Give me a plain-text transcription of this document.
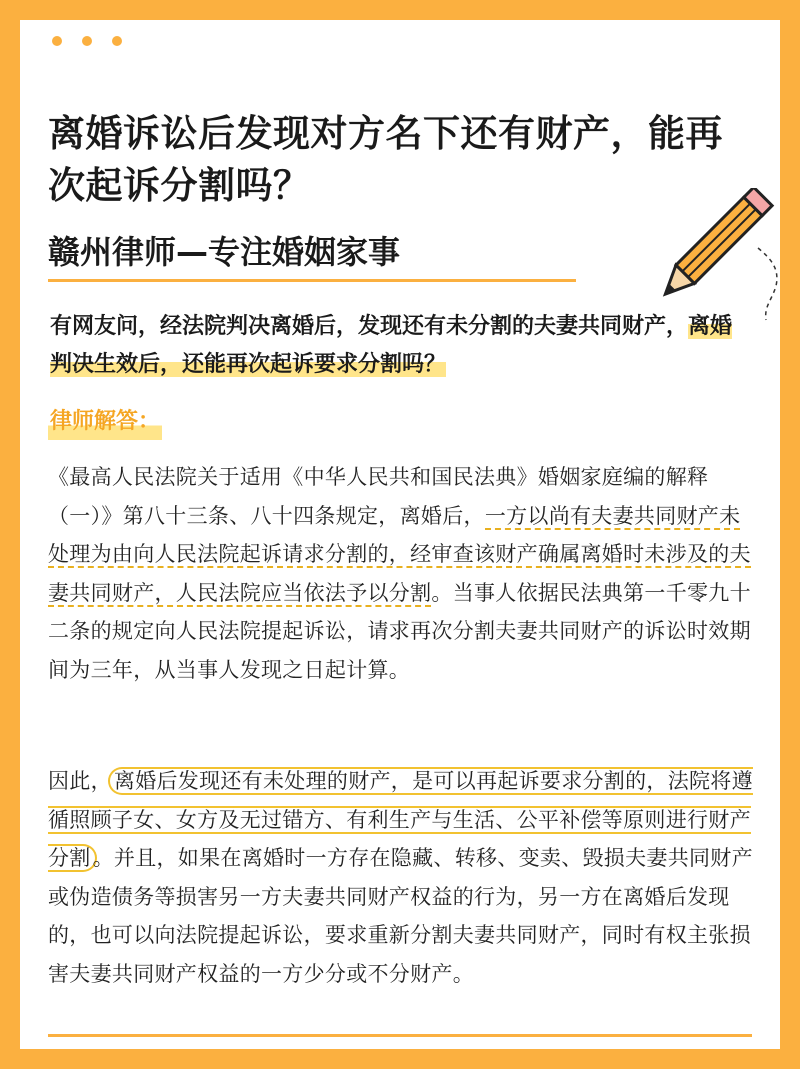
离婚诉讼后发现对方名下还有财产，能再次起诉分割吗？
赣州律师—专注婚姻家事

有网友问，经法院判决离婚后，发现还有未分割的夫妻共同财产，离婚判决生效后，还能再次起诉要求分割吗？

律师解答：

《最高人民法院关于适用《中华人民共和国民法典》婚姻家庭编的解释（一）》第八十三条、八十四条规定，离婚后，一方以尚有夫妻共同财产未处理为由向人民法院起诉请求分割的，经审查该财产确属离婚时未涉及的夫妻共同财产，人民法院应当依法予以分割。当事人依据民法典第一千零九十二条的规定向人民法院提起诉讼，请求再次分割夫妻共同财产的诉讼时效期间为三年，从当事人发现之日起计算。

因此，离婚后发现还有未处理的财产，是可以再起诉要求分割的，法院将遵循照顾子女、女方及无过错方、有利生产与生活、公平补偿等原则进行财产分割。并且，如果在离婚时一方存在隐藏、转移、变卖、毁损夫妻共同财产或伪造债务等损害另一方夫妻共同财产权益的行为，另一方在离婚后发现的，也可以向法院提起诉讼，要求重新分割夫妻共同财产，同时有权主张损害夫妻共同财产权益的一方少分或不分财产。
